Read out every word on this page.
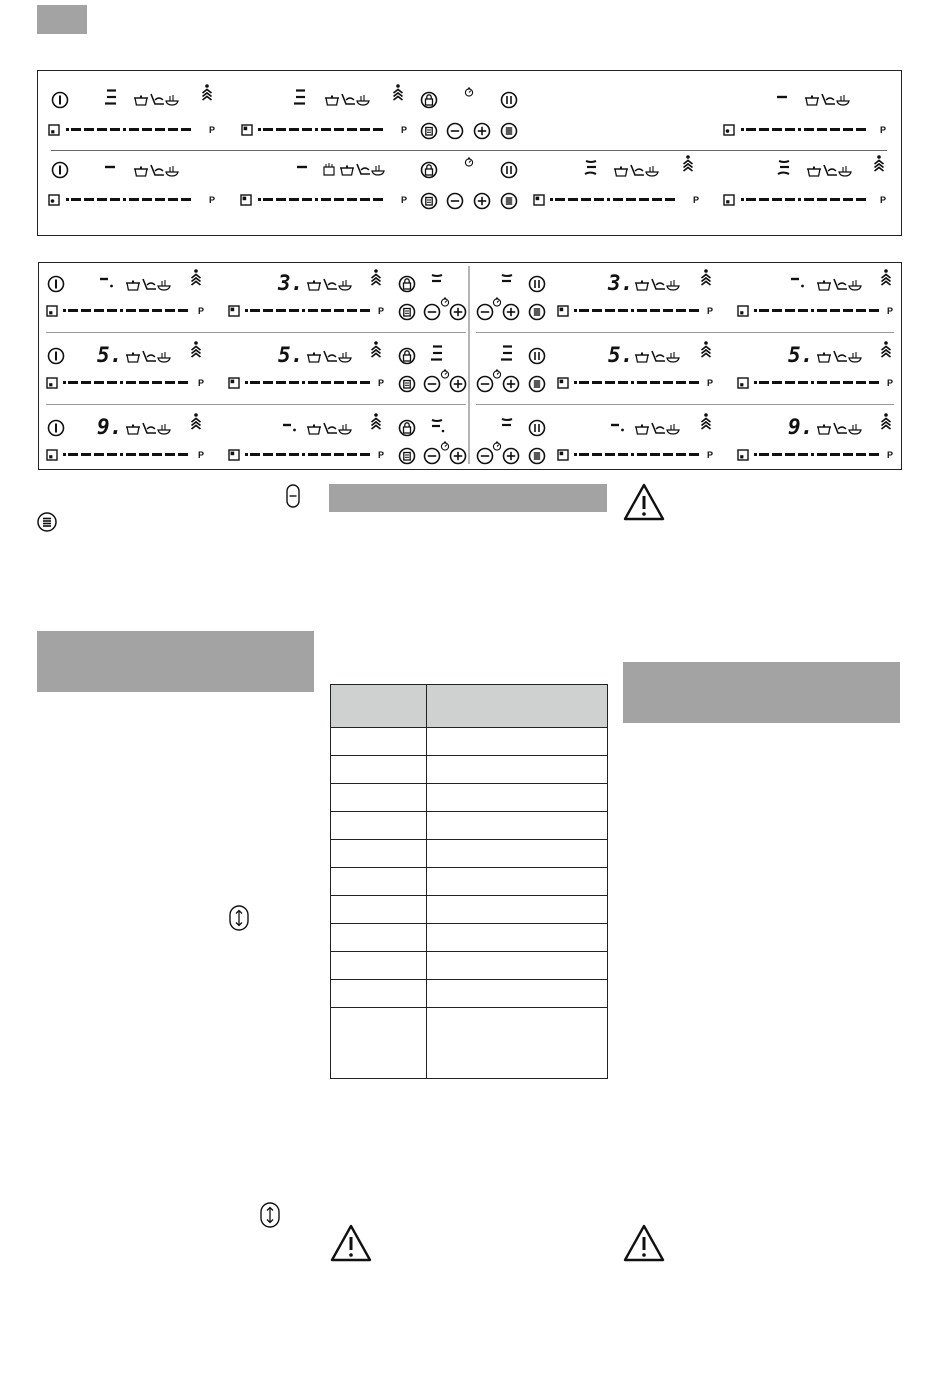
P	P	P
P	P	P	P
3.
P	P
3.
P	P
5.	5.
P	P
5.	5.
P	P
9.
P	P
9.
P	P
